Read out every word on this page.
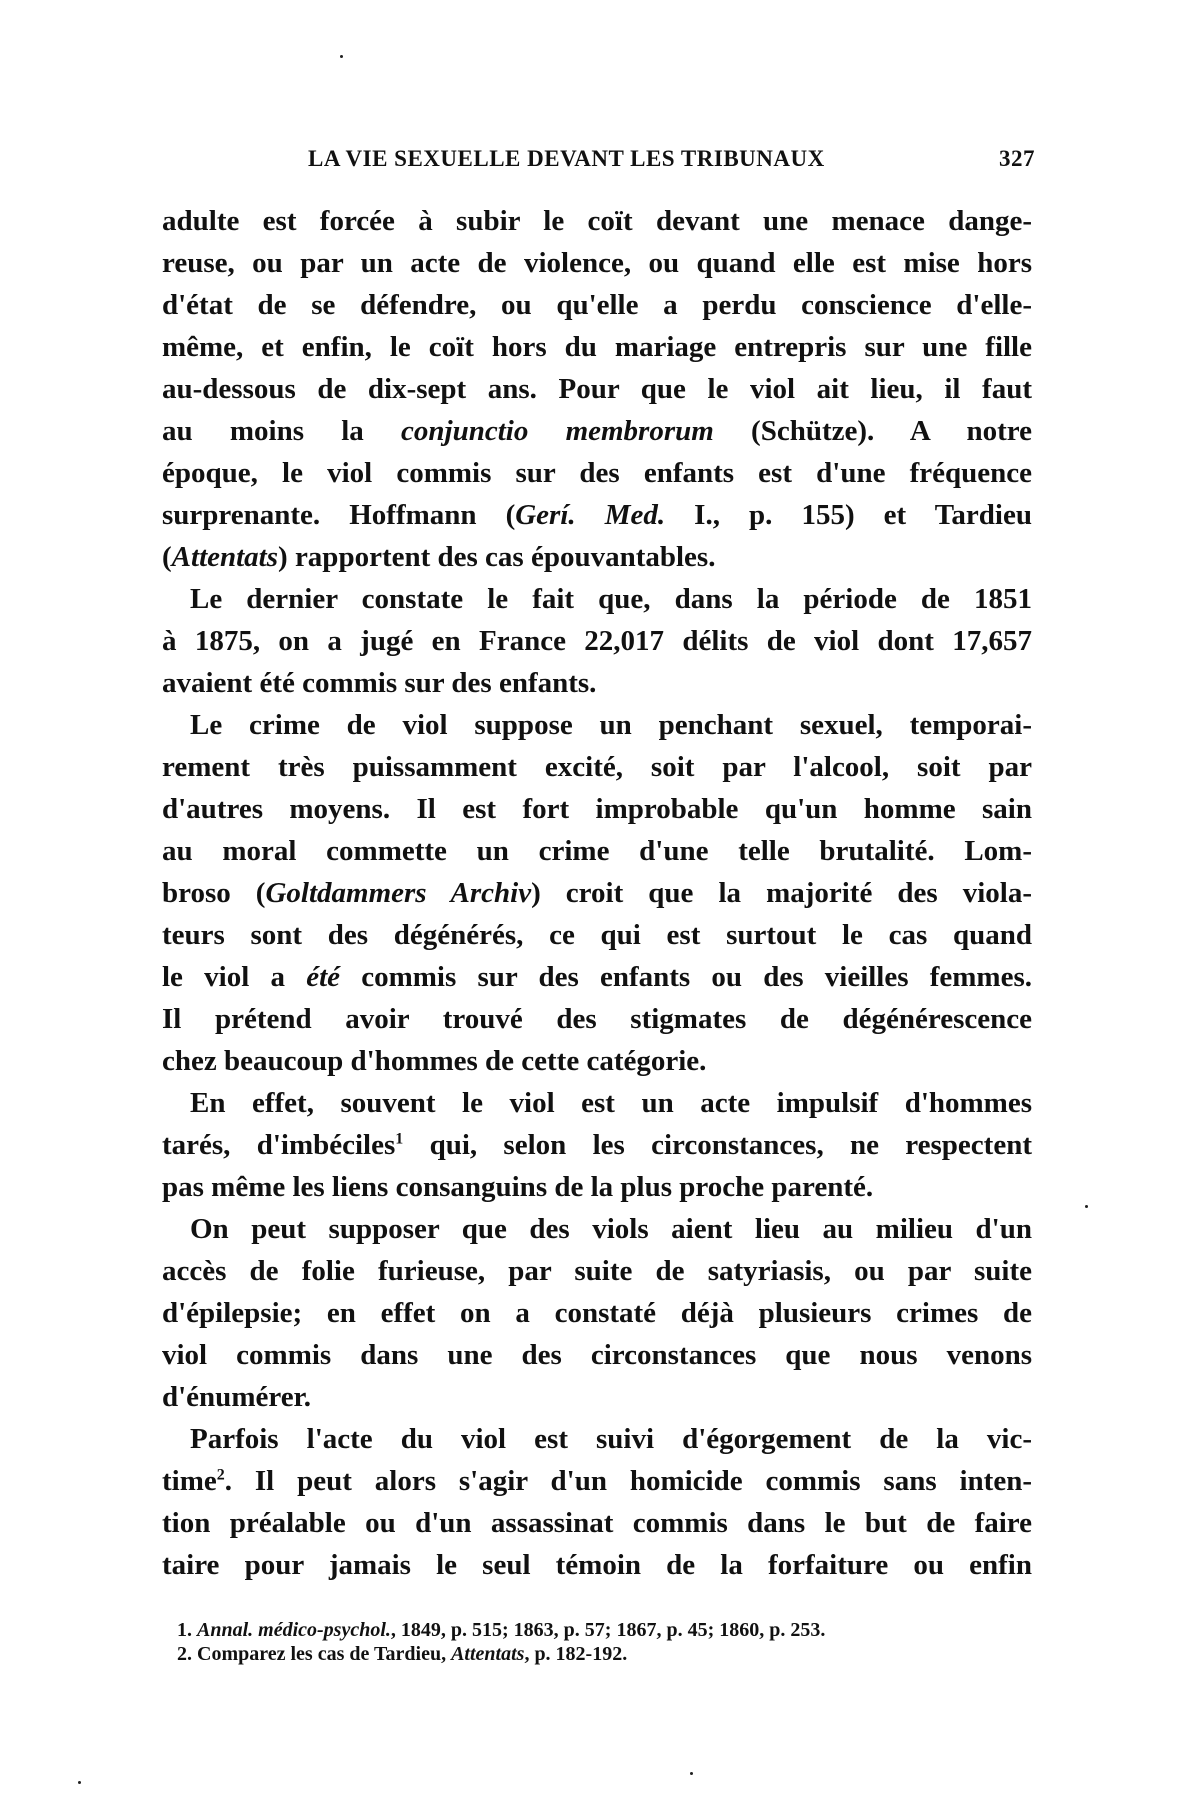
LA VIE SEXUELLE DEVANT LES TRIBUNAUX	327
adulte est forcée à subir le coït devant une menace dange-
reuse, ou par un acte de violence, ou quand elle est mise hors
d'état de se défendre, ou qu'elle a perdu conscience d'elle-
même, et enfin, le coït hors du mariage entrepris sur une fille
au-dessous de dix-sept ans. Pour que le viol ait lieu, il faut
au moins la conjunctio membrorum (Schütze). A notre
époque, le viol commis sur des enfants est d'une fréquence
surprenante. Hoffmann (Gerí. Med. I., p. 155) et Tardieu
(Attentats) rapportent des cas épouvantables.
Le dernier constate le fait que, dans la période de 1851
à 1875, on a jugé en France 22,017 délits de viol dont 17,657
avaient été commis sur des enfants.
Le crime de viol suppose un penchant sexuel, temporai-
rement très puissamment excité, soit par l'alcool, soit par
d'autres moyens. Il est fort improbable qu'un homme sain
au moral commette un crime d'une telle brutalité. Lom-
broso (Goltdammers Archiv) croit que la majorité des viola-
teurs sont des dégénérés, ce qui est surtout le cas quand
le viol a été commis sur des enfants ou des vieilles femmes.
Il prétend avoir trouvé des stigmates de dégénérescence
chez beaucoup d'hommes de cette catégorie.
En effet, souvent le viol est un acte impulsif d'hommes
tarés, d'imbéciles$^1$ qui, selon les circonstances, ne respectent
pas même les liens consanguins de la plus proche parenté.
On peut supposer que des viols aient lieu au milieu d'un
accès de folie furieuse, par suite de satyriasis, ou par suite
d'épilepsie; en effet on a constaté déjà plusieurs crimes de
viol commis dans une des circonstances que nous venons
d'énumérer.
Parfois l'acte du viol est suivi d'égorgement de la vic-
time$^2$. Il peut alors s'agir d'un homicide commis sans inten-
tion préalable ou d'un assassinat commis dans le but de faire
taire pour jamais le seul témoin de la forfaiture ou enfin
1. Annal. médico-psychol., 1849, p. 515; 1863, p. 57; 1867, p. 45; 1860, p. 253.
2. Comparez les cas de Tardieu, Attentats, p. 182-192.
